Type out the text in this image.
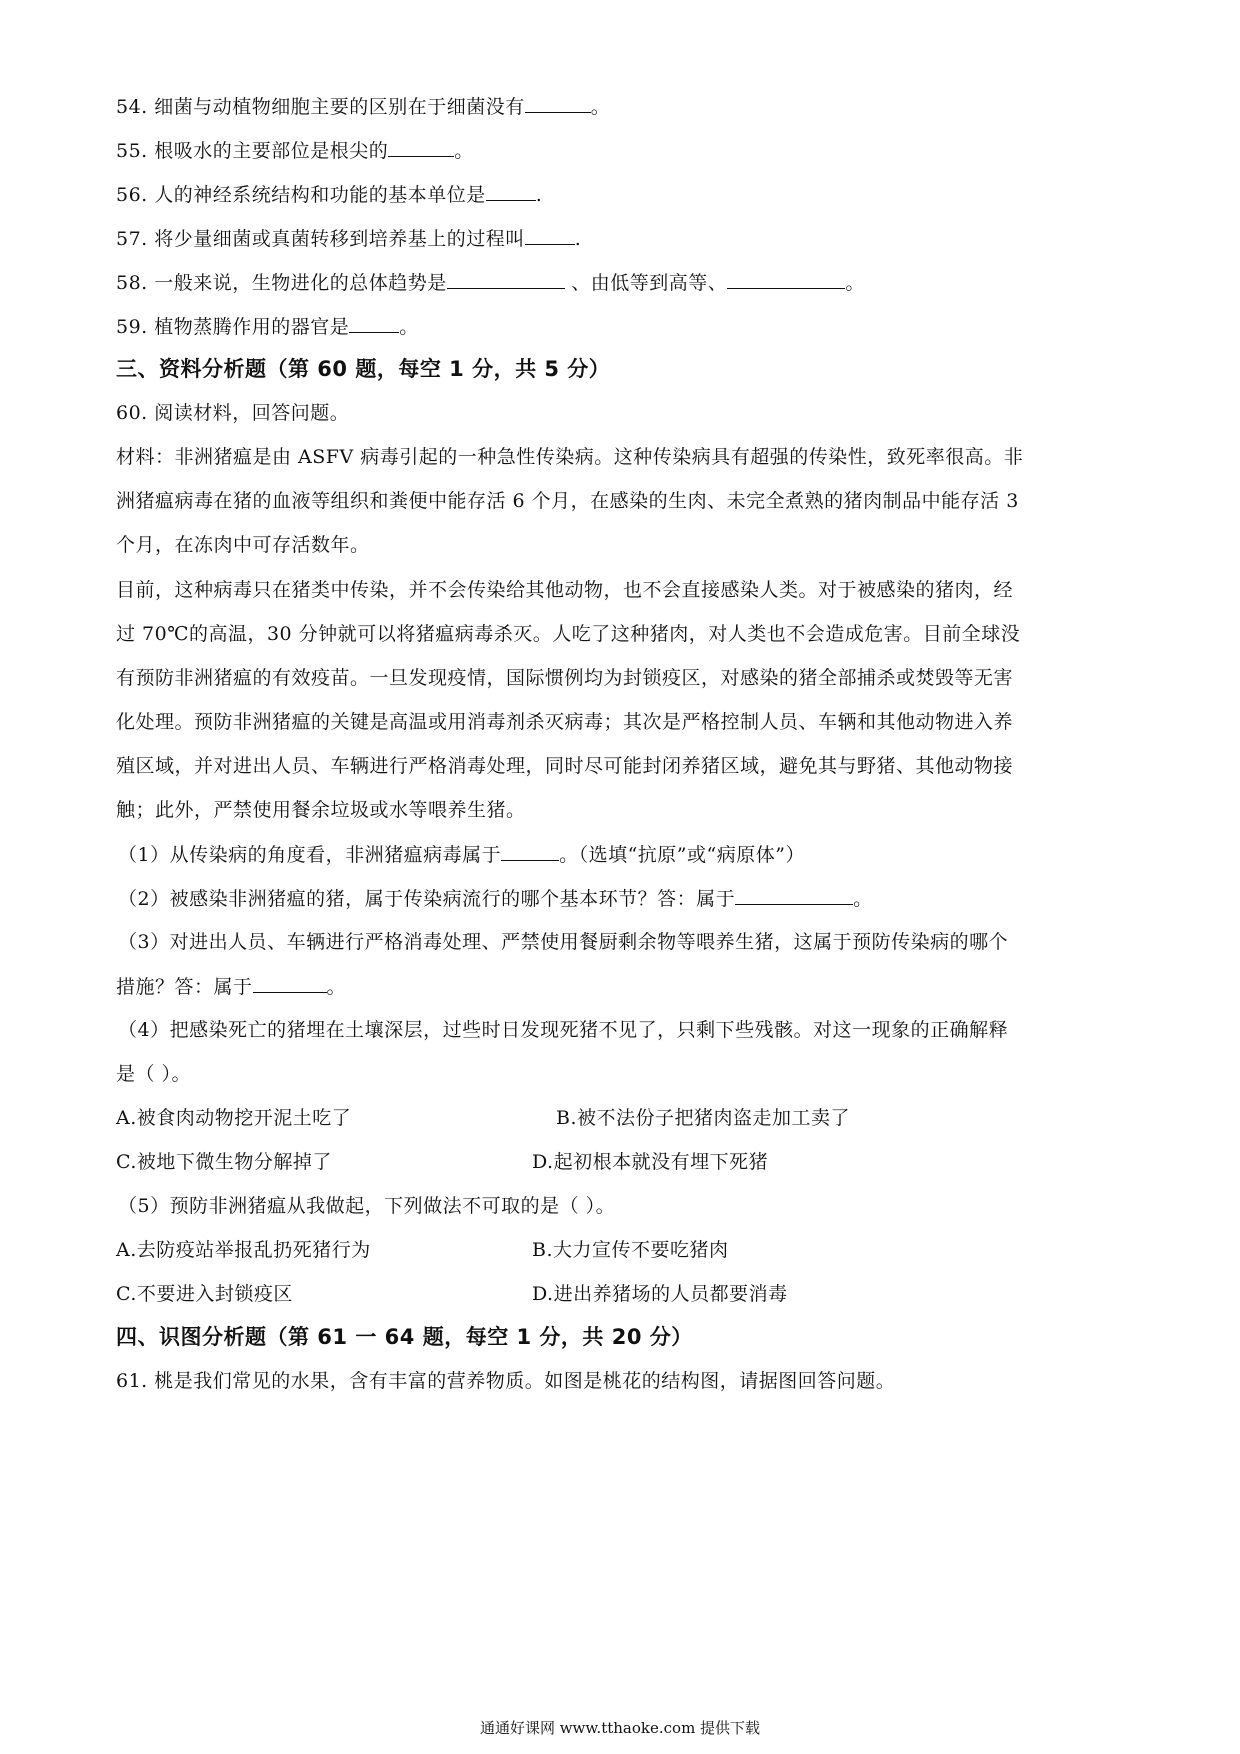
54. 细菌与动植物细胞主要的区别在于细菌没有	。
55. 根吸水的主要部位是根尖的	。
56. 人的神经系统结构和功能的基本单位是	.
57. 将少量细菌或真菌转移到培养基上的过程叫	.
58. 一般来说，生物进化的总体趋势是	、由低等到高等、	。
59. 植物蒸腾作用的器官是	。
三、资料分析题（第 60 题，每空 1 分，共 5 分）
60. 阅读材料，回答问题。
材料：非洲猪瘟是由 ASFV 病毒引起的一种急性传染病。这种传染病具有超强的传染性，致死率很高。非
洲猪瘟病毒在猪的血液等组织和粪便中能存活 6 个月，在感染的生肉、未完全煮熟的猪肉制品中能存活 3
个月，在冻肉中可存活数年。
目前，这种病毒只在猪类中传染，并不会传染给其他动物，也不会直接感染人类。对于被感染的猪肉，经
过 70℃的高温，30 分钟就可以将猪瘟病毒杀灭。人吃了这种猪肉，对人类也不会造成危害。目前全球没
有预防非洲猪瘟的有效疫苗。一旦发现疫情，国际惯例均为封锁疫区，对感染的猪全部捕杀或焚毁等无害
化处理。预防非洲猪瘟的关键是高温或用消毒剂杀灭病毒；其次是严格控制人员、车辆和其他动物进入养
殖区域，并对进出人员、车辆进行严格消毒处理，同时尽可能封闭养猪区域，避免其与野猪、其他动物接
触；此外，严禁使用餐余垃圾或水等喂养生猪。
（1）从传染病的角度看，非洲猪瘟病毒属于	。（选填“抗原”或“病原体”）
（2）被感染非洲猪瘟的猪，属于传染病流行的哪个基本环节？答：属于	。
（3）对进出人员、车辆进行严格消毒处理、严禁使用餐厨剩余物等喂养生猪，这属于预防传染病的哪个
措施？答：属于	。
（4）把感染死亡的猪埋在土壤深层，过些时日发现死猪不见了，只剩下些残骸。对这一现象的正确解释
是（ ）。
A.被食肉动物挖开泥土吃了	B.被不法份子把猪肉盗走加工卖了
C.被地下微生物分解掉了	D.起初根本就没有埋下死猪
（5）预防非洲猪瘟从我做起，下列做法不可取的是（ ）。
A.去防疫站举报乱扔死猪行为	B.大力宣传不要吃猪肉
C.不要进入封锁疫区	D.进出养猪场的人员都要消毒
四、识图分析题（第 61 一 64 题，每空 1 分，共 20 分）
61. 桃是我们常见的水果，含有丰富的营养物质。如图是桃花的结构图，请据图回答问题。
通通好课网 www.tthaoke.com 提供下载
